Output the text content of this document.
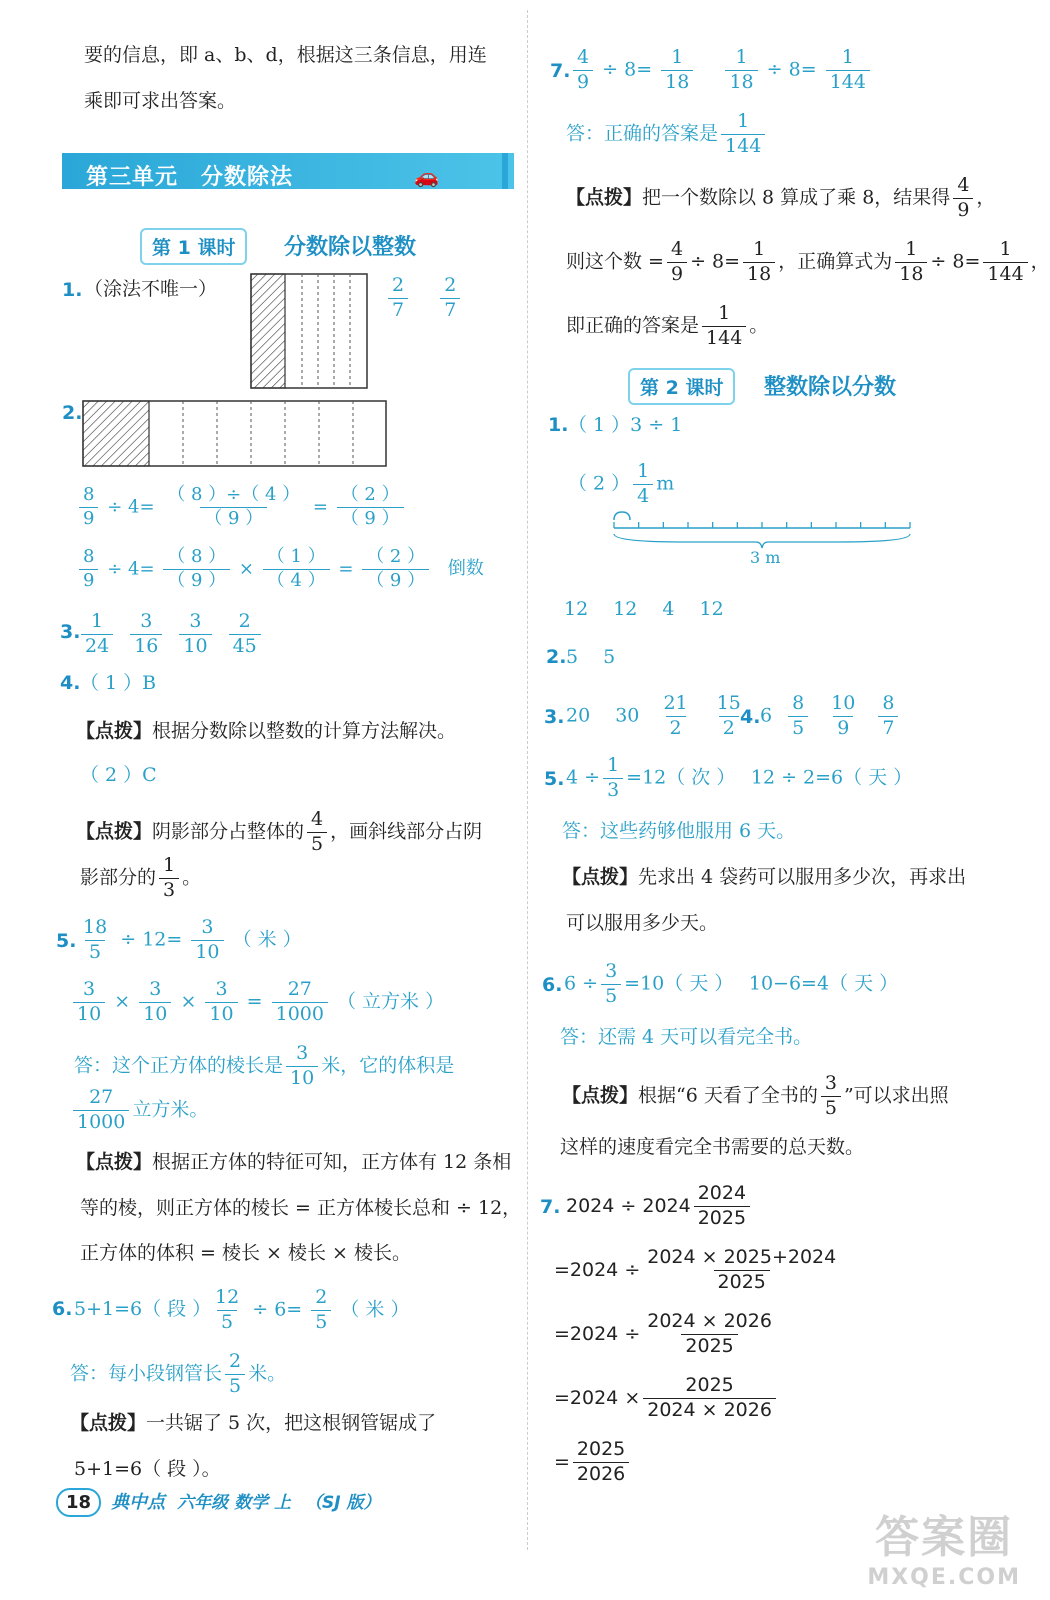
要的信息，即 a、b、d，根据这三条信息，用连
乘即可求出答案。
第三单元　分数除法	🚗
第 1 课时	分数除以整数
1. （涂法不唯一）	$\frac{2}{7}$
$\frac{2}{7}$
2.
$\frac{8}{9} \div 4= \frac{( 8 )\div( 4 )}{( 9 )} = \frac{( 2 )}{( 9 )}$
$\frac{8}{9} \div 4= \frac{( 8 )}{( 9 )} \times \frac{( 1 )}{( 4 )} = \frac{( 2 )}{( 9 )}$ 倒数
3. $\frac{1}{24} \frac{3}{16} \frac{3}{10} \frac{2}{45}$
4. （ 1 ）B
【点拨】根据分数除以整数的计算方法解决。
（ 2 ）C
【点拨】阴影部分占整体的 $\frac{4}{5}$ ，画斜线部分占阴
影部分的 $\frac{1}{3}$ 。
5. $\frac{18}{5} \div 12= \frac{3}{10}$ （ 米 ）
$\frac{3}{10} \times \frac{3}{10} \times \frac{3}{10} = \frac{27}{1000}$ （ 立方米 ）
答：这个正方体的棱长是 $\frac{3}{10}$ 米，它的体积是
$\frac{27}{1000}$ 立方米。
【点拨】根据正方体的特征可知，正方体有 12 条相
等的棱，则正方体的棱长 = 正方体棱长总和 ÷ 12，
正方体的体积 = 棱长 × 棱长 × 棱长。
6. 5+1=6（ 段 ） $\frac{12}{5} \div 6= \frac{2}{5}$ （ 米 ）
答：每小段钢管长 $\frac{2}{5}$ 米。
【点拨】一共锯了 5 次，把这根钢管锯成了
5+1=6（ 段 ）。
7. $\frac{4}{9} \div 8= \frac{1}{18}$
$\frac{1}{18} \div 8= \frac{1}{144}$
答：正确的答案是 $\frac{1}{144}$
【点拨】把一个数除以 8 算成了乘 8，结果得 $\frac{4}{9}$ ，
则这个数 = $\frac{4}{9} \div 8= \frac{1}{18}$ ，正确算式为 $\frac{1}{18} \div 8= \frac{1}{144}$ ，
即正确的答案是 $\frac{1}{144}$ 。
第 2 课时	整数除以分数
1. （ 1 ）3 ÷ 1
（ 2 ） $\frac{1}{4}$ m
3 m
12　 12　 4　 12
2. 5　 5
3. 20　 $30 \frac{21}{2}$
$\frac{15}{2}$
4. $6 \frac{8}{5} \frac{10}{9} \frac{8}{7}$
5. $4 \div \frac{1}{3} =12$（ 次 ）　 12 ÷ 2=6（ 天 ）
答：这些药够他服用 6 天。
【点拨】先求出 4 袋药可以服用多少次，再求出
可以服用多少天。
6. $6 \div \frac{3}{5} =10$（ 天 ）　 10−6=4（ 天 ）
答：还需 4 天可以看完全书。
【点拨】根据“6 天看了全书的 $\frac{3}{5}$ ”可以求出照
这样的速度看完全书需要的总天数。
7. $2024 \div 2024 \frac{2024}{2025}$
$=2024 \div \frac{2024 \times 2025+2024}{2025}$
$=2024 \div \frac{2024 \times 2026}{2025}$
$=2024 \times \frac{2025}{2024 \times 2026}$
= $\frac{2025}{2026}$
18 典中点 六年级 数学 上 （SJ 版）
答案圈
MXQE.COM
